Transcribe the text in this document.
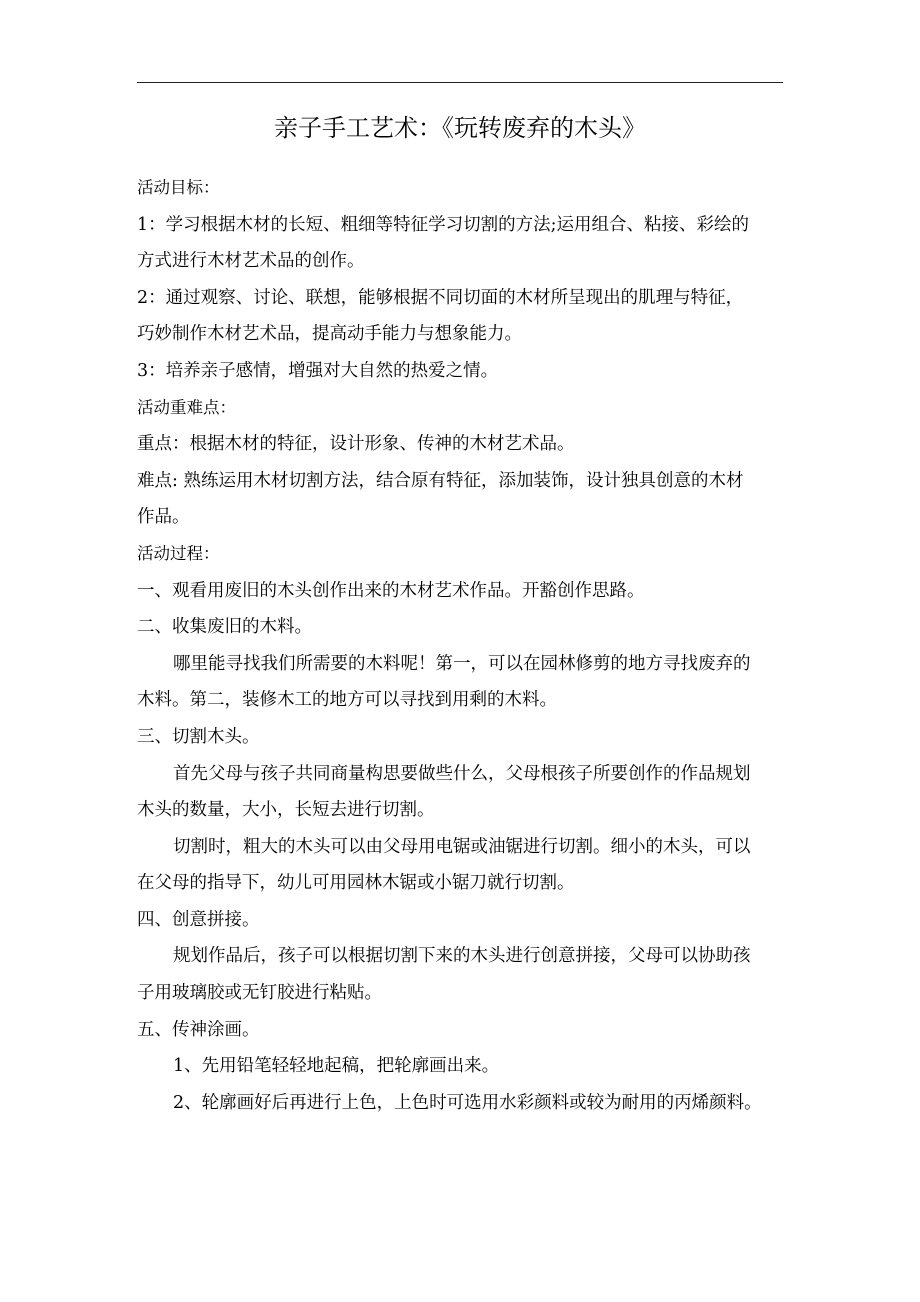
亲子手工艺术：《玩转废弃的木头》
活动目标：
1：学习根据木材的长短、粗细等特征学习切割的方法;运用组合、粘接、彩绘的
方式进行木材艺术品的创作。
2：通过观察、讨论、联想，能够根据不同切面的木材所呈现出的肌理与特征，
巧妙制作木材艺术品，提高动手能力与想象能力。
3：培养亲子感情，增强对大自然的热爱之情。
活动重难点：
重点：根据木材的特征，设计形象、传神的木材艺术品。
难点: 熟练运用木材切割方法，结合原有特征，添加装饰，设计独具创意的木材
作品。
活动过程：
一、观看用废旧的木头创作出来的木材艺术作品。开豁创作思路。
二、收集废旧的木料。
哪里能寻找我们所需要的木料呢！第一，可以在园林修剪的地方寻找废弃的
木料。第二，装修木工的地方可以寻找到用剩的木料。
三、切割木头。
首先父母与孩子共同商量构思要做些什么，父母根孩子所要创作的作品规划
木头的数量，大小，长短去进行切割。
切割时，粗大的木头可以由父母用电锯或油锯进行切割。细小的木头，可以
在父母的指导下，幼儿可用园林木锯或小锯刀就行切割。
四、创意拼接。
规划作品后，孩子可以根据切割下来的木头进行创意拼接，父母可以协助孩
子用玻璃胶或无钉胶进行粘贴。
五、传神涂画。
1、先用铅笔轻轻地起稿，把轮廓画出来。
2、轮廓画好后再进行上色，上色时可选用水彩颜料或较为耐用的丙烯颜料。
